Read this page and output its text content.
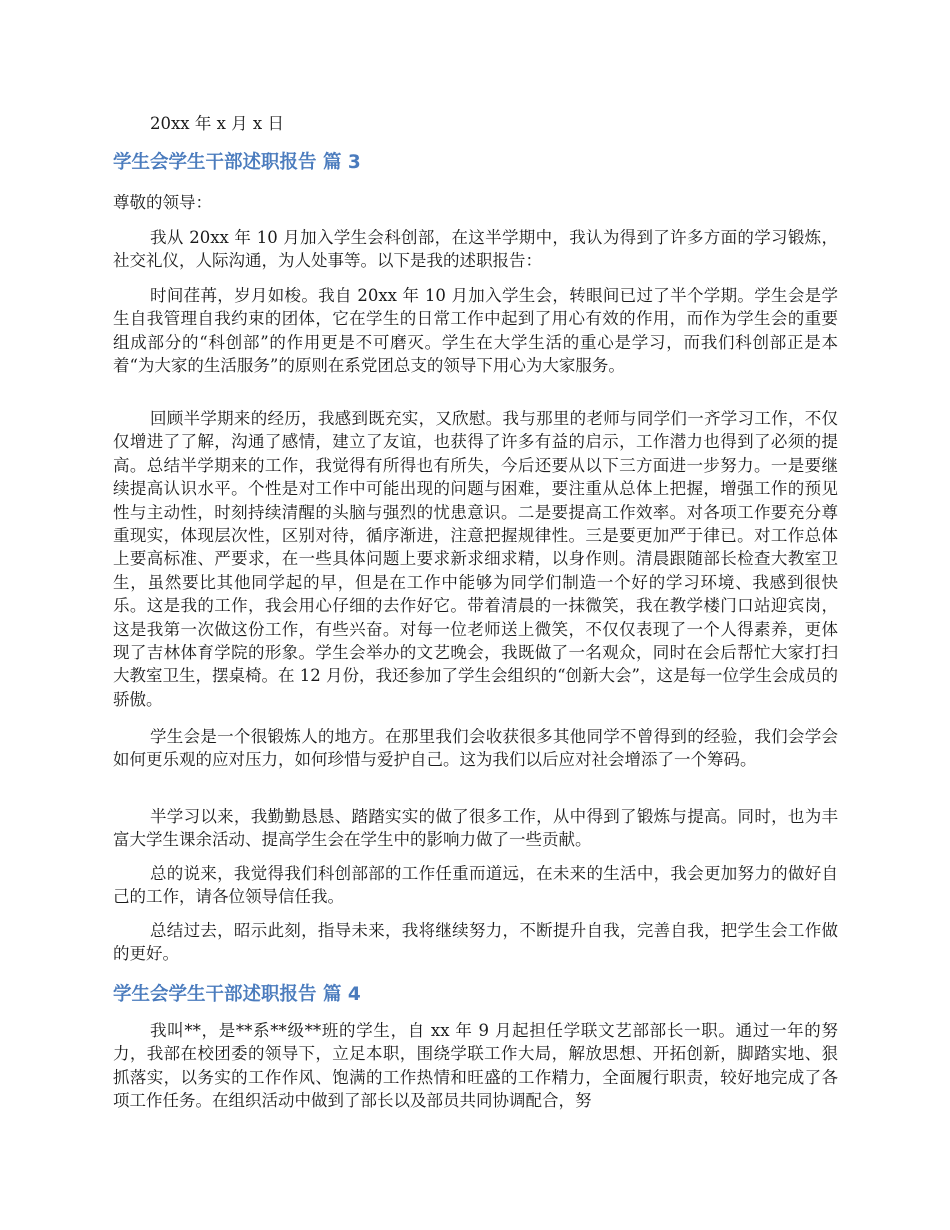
20xx 年 x 月 x 日
学生会学生干部述职报告 篇 3
尊敬的领导：

我从 20xx 年 10 月加入学生会科创部，在这半学期中，我认为得到了许多方面的学习锻炼，社交礼仪，人际沟通，为人处事等。以下是我的述职报告：

时间荏苒，岁月如梭。我自 20xx 年 10 月加入学生会，转眼间已过了半个学期。学生会是学生自我管理自我约束的团体，它在学生的日常工作中起到了用心有效的作用，而作为学生会的重要组成部分的“科创部”的作用更是不可磨灭。学生在大学生活的重心是学习，而我们科创部正是本着“为大家的生活服务”的原则在系党团总支的领导下用心为大家服务。

回顾半学期来的经历，我感到既充实，又欣慰。我与那里的老师与同学们一齐学习工作，不仅仅增进了了解，沟通了感情，建立了友谊，也获得了许多有益的启示，工作潜力也得到了必须的提高。总结半学期来的工作，我觉得有所得也有所失，今后还要从以下三方面进一步努力。一是要继续提高认识水平。个性是对工作中可能出现的问题与困难，要注重从总体上把握，增强工作的预见性与主动性，时刻持续清醒的头脑与强烈的忧患意识。二是要提高工作效率。对各项工作要充分尊重现实，体现层次性，区别对待，循序渐进，注意把握规律性。三是要更加严于律已。对工作总体上要高标准、严要求，在一些具体问题上要求新求细求精，以身作则。清晨跟随部长检查大教室卫生，虽然要比其他同学起的早，但是在工作中能够为同学们制造一个好的学习环境、我感到很快乐。这是我的工作，我会用心仔细的去作好它。带着清晨的一抹微笑，我在教学楼门口站迎宾岗，这是我第一次做这份工作，有些兴奋。对每一位老师送上微笑，不仅仅表现了一个人得素养，更体现了吉林体育学院的形象。学生会举办的文艺晚会，我既做了一名观众，同时在会后帮忙大家打扫大教室卫生，摆桌椅。在 12 月份，我还参加了学生会组织的“创新大会”，这是每一位学生会成员的骄傲。

学生会是一个很锻炼人的地方。在那里我们会收获很多其他同学不曾得到的经验，我们会学会如何更乐观的应对压力，如何珍惜与爱护自己。这为我们以后应对社会增添了一个筹码。

半学习以来，我勤勤恳恳、踏踏实实的做了很多工作，从中得到了锻炼与提高。同时，也为丰富大学生课余活动、提高学生会在学生中的影响力做了一些贡献。

总的说来，我觉得我们科创部部的工作任重而道远，在未来的生活中，我会更加努力的做好自己的工作，请各位领导信任我。

总结过去，昭示此刻，指导未来，我将继续努力，不断提升自我，完善自我，把学生会工作做的更好。

学生会学生干部述职报告 篇 4

我叫**，是**系**级**班的学生，自 xx 年 9 月起担任学联文艺部部长一职。通过一年的努力，我部在校团委的领导下，立足本职，围绕学联工作大局，解放思想、开拓创新，脚踏实地、狠抓落实，以务实的工作作风、饱满的工作热情和旺盛的工作精力，全面履行职责，较好地完成了各项工作任务。在组织活动中做到了部长以及部员共同协调配合，努
